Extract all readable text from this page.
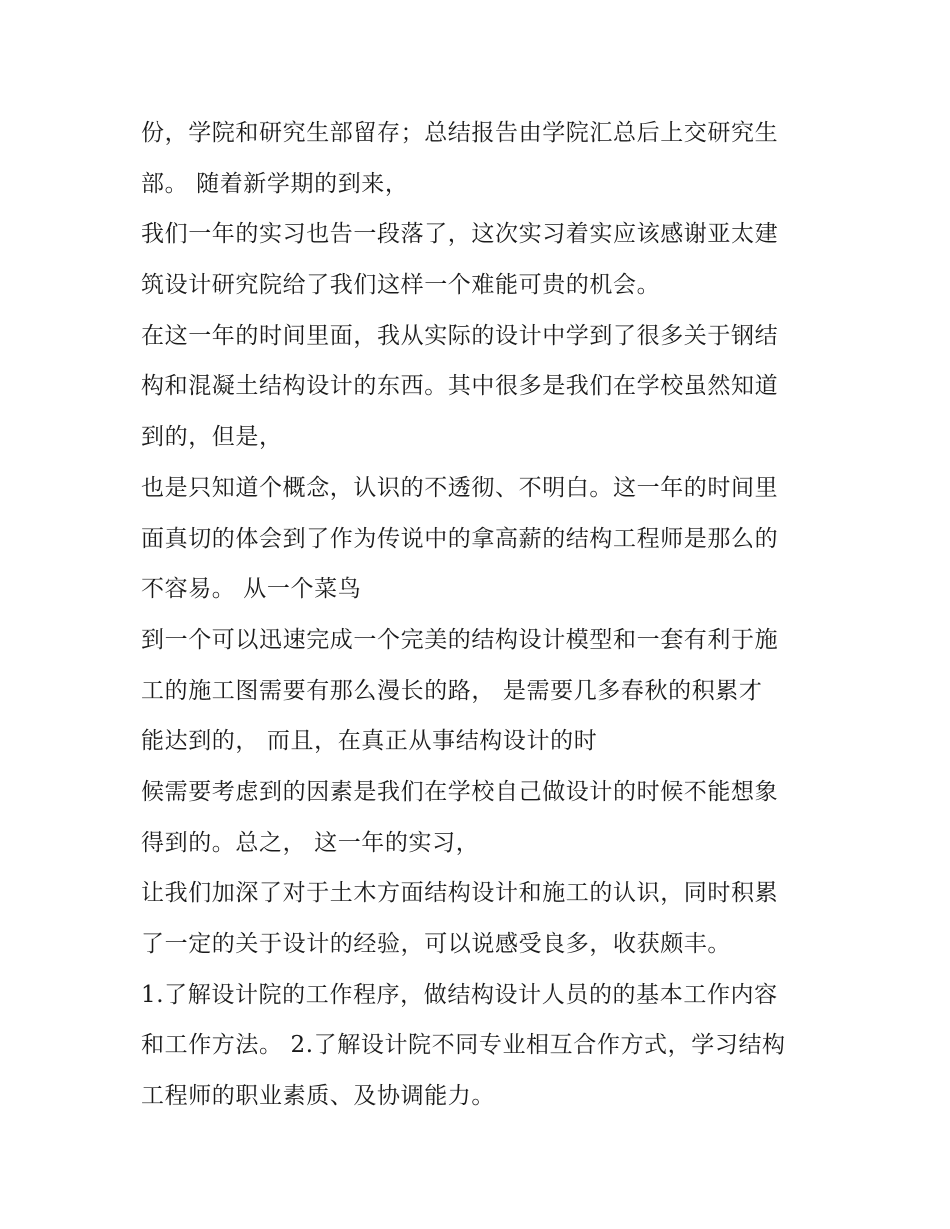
份，学院和研究生部留存；总结报告由学院汇总后上交研究生
部。 随着新学期的到来，
我们一年的实习也告一段落了，这次实习着实应该感谢亚太建
筑设计研究院给了我们这样一个难能可贵的机会。
在这一年的时间里面，我从实际的设计中学到了很多关于钢结
构和混凝土结构设计的东西。其中很多是我们在学校虽然知道
到的，但是，
也是只知道个概念，认识的不透彻、不明白。这一年的时间里
面真切的体会到了作为传说中的拿高薪的结构工程师是那么的
不容易。 从一个菜鸟
到一个可以迅速完成一个完美的结构设计模型和一套有利于施
工的施工图需要有那么漫长的路， 是需要几多春秋的积累才
能达到的， 而且，在真正从事结构设计的时
候需要考虑到的因素是我们在学校自己做设计的时候不能想象
得到的。总之， 这一年的实习，
让我们加深了对于土木方面结构设计和施工的认识，同时积累
了一定的关于设计的经验，可以说感受良多，收获颇丰。
1.了解设计院的工作程序，做结构设计人员的的基本工作内容
和工作方法。 2.了解设计院不同专业相互合作方式，学习结构
工程师的职业素质、及协调能力。
